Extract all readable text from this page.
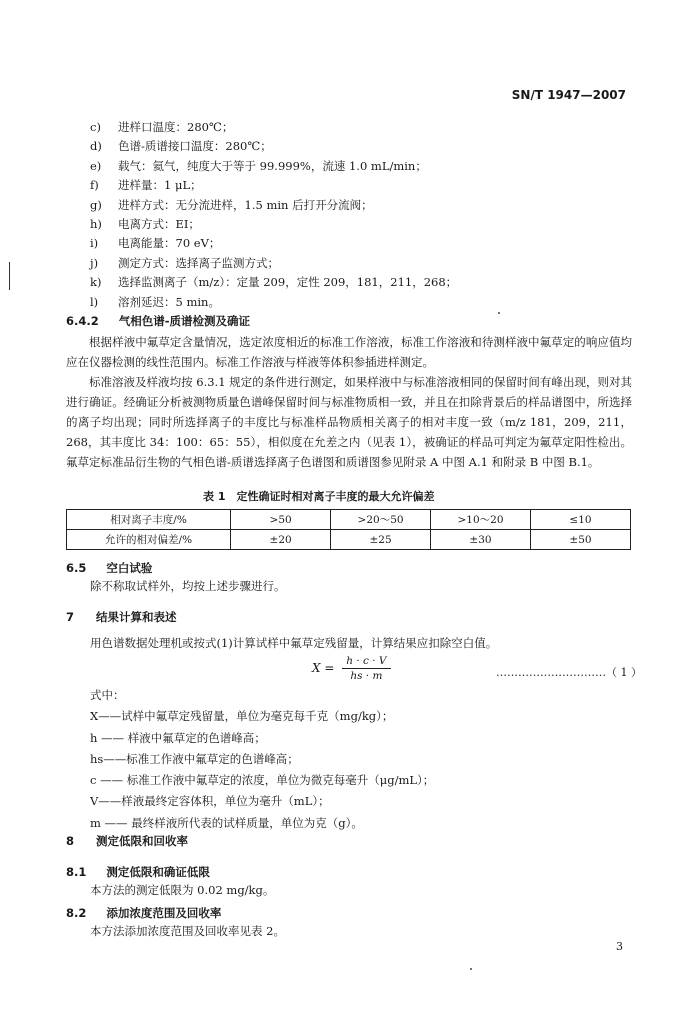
SN/T 1947—2007
c)	进样口温度：280℃；
d)	色谱-质谱接口温度：280℃；
e)	载气：氦气，纯度大于等于 99.999%，流速 1.0 mL/min；
f)	进样量：1 μL；
g)	进样方式：无分流进样，1.5 min 后打开分流阀；
h)	电离方式：EI；
i)	电离能量：70 eV；
j)	测定方式：选择离子监测方式；
k)	选择监测离子（m/z）：定量 209，定性 209，181，211，268；
l)	溶剂延迟：5 min。
6.4.2 气相色谱-质谱检测及确证

根据样液中氟草定含量情况，选定浓度相近的标准工作溶液，标准工作溶液和待测样液中氟草定的响应值均应在仪器检测的线性范围内。标准工作溶液与样液等体积参插进样测定。

标准溶液及样液均按 6.3.1 规定的条件进行测定，如果样液中与标准溶液相同的保留时间有峰出现，则对其进行确证。经确证分析被测物质量色谱峰保留时间与标准物质相一致，并且在扣除背景后的样品谱图中，所选择的离子均出现；同时所选择离子的丰度比与标准样品物质相关离子的相对丰度一致（m/z 181，209，211，268，其丰度比 34：100：65：55），相似度在允差之内（见表 1），被确证的样品可判定为氟草定阳性检出。氟草定标准品衍生物的气相色谱-质谱选择离子色谱图和质谱图参见附录 A 中图 A.1 和附录 B 中图 B.1。

表 1　定性确证时相对离子丰度的最大允许偏差
相对离子丰度/%	>50	>20～50	>10～20	≤10
允许的相对偏差/%	±20	±25	±30	±50
6.5 空白试验
除不称取试样外，均按上述步骤进行。
7 结果计算和表述
用色谱数据处理机或按式(1)计算试样中氟草定残留量，计算结果应扣除空白值。
$X = \frac{h \cdot c \cdot V}{hs \cdot m}$	…………………………（ 1 ）
式中：
X——试样中氟草定残留量，单位为毫克每千克（mg/kg）；
h —— 样液中氟草定的色谱峰高；
hs——标准工作液中氟草定的色谱峰高；
c —— 标准工作液中氟草定的浓度，单位为微克每毫升（μg/mL）；
V——样液最终定容体积，单位为毫升（mL）；
m —— 最终样液所代表的试样质量，单位为克（g）。
8 测定低限和回收率
8.1 测定低限和确证低限
本方法的测定低限为 0.02 mg/kg。
8.2 添加浓度范围及回收率
本方法添加浓度范围及回收率见表 2。
3
